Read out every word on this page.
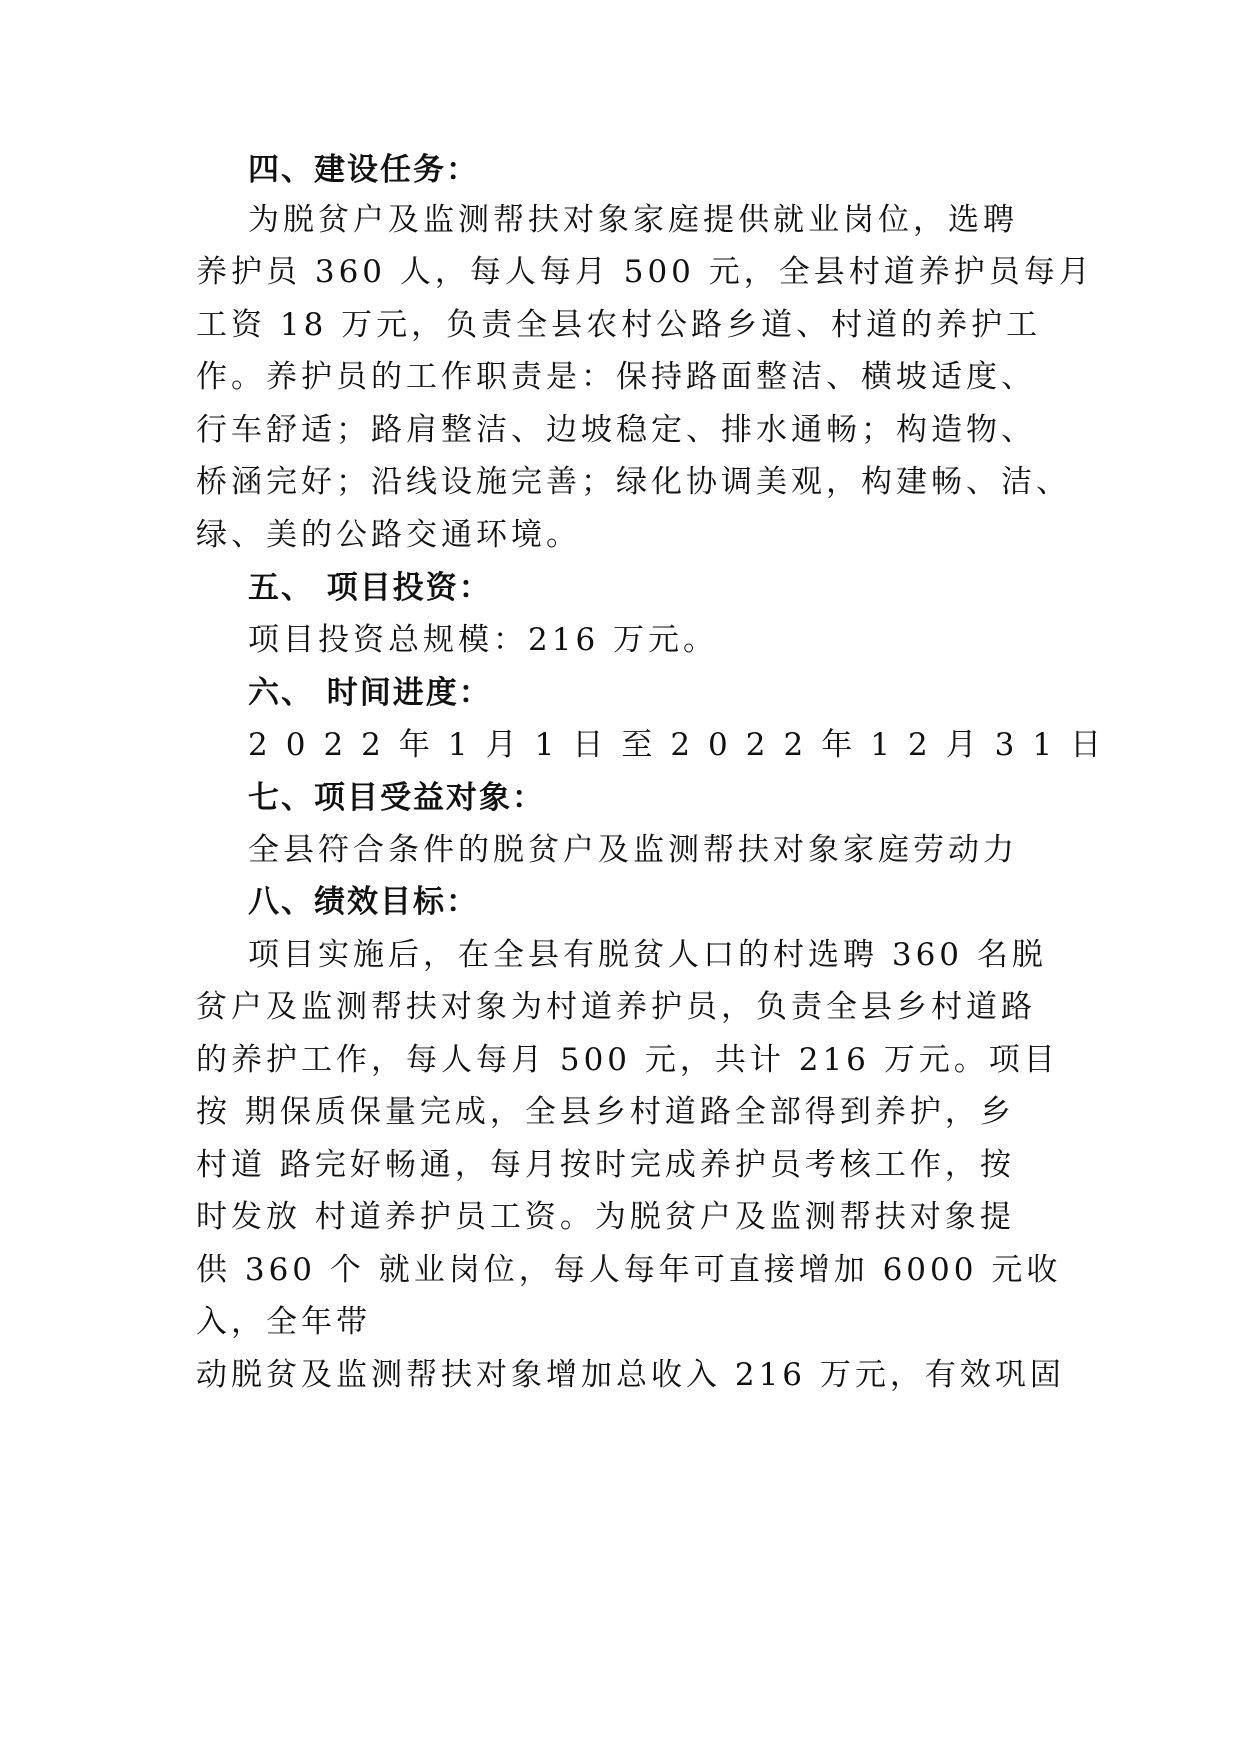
四、建设任务：
为脱贫户及监测帮扶对象家庭提供就业岗位，选聘
养护员 360 人，每人每月 500 元，全县村道养护员每月
工资 18 万元，负责全县农村公路乡道、村道的养护工
作。养护员的工作职责是：保持路面整洁、横坡适度、
行车舒适；路肩整洁、边坡稳定、排水通畅；构造物、
桥涵完好；沿线设施完善；绿化协调美观，构建畅、洁、
绿、美的公路交通环境。
五、 项目投资：
项目投资总规模：216 万元。
六、 时间进度：
2022年1月1日至2022年12月31日
七、项目受益对象：
全县符合条件的脱贫户及监测帮扶对象家庭劳动力
八、绩效目标：
项目实施后，在全县有脱贫人口的村选聘 360 名脱
贫户及监测帮扶对象为村道养护员，负责全县乡村道路
的养护工作，每人每月 500 元，共计 216 万元。项目
按 期保质保量完成，全县乡村道路全部得到养护，乡
村道 路完好畅通，每月按时完成养护员考核工作，按
时发放 村道养护员工资。为脱贫户及监测帮扶对象提
供 360 个 就业岗位，每人每年可直接增加 6000 元收
入，全年带
动脱贫及监测帮扶对象增加总收入 216 万元，有效巩固
